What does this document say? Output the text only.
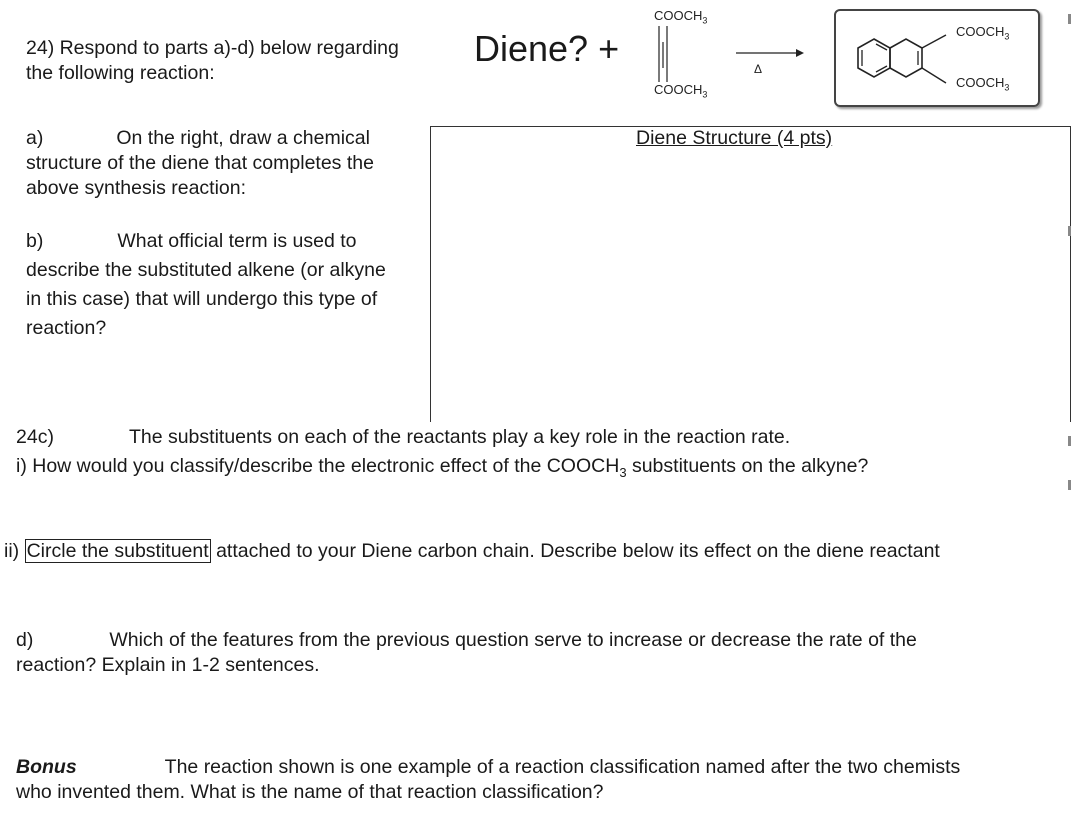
24) Respond to parts a)-d) below regarding the following reaction:
Diene? +
$COOCH_3$
$COOCH_3$
Δ
$COOCH_3$
$COOCH_3$
Diene Structure (4 pts)
a)	On the right, draw a chemical structure of the diene that completes the above synthesis reaction:
b)	What official term is used to describe the substituted alkene (or alkyne in this case) that will undergo this type of reaction?
24c)	The substituents on each of the reactants play a key role in the reaction rate.
i) How would you classify/describe the electronic effect of the $COOCH_3$ substituents on the alkyne?
ii) Circle the substituent attached to your Diene carbon chain. Describe below its effect on the diene reactant
d)	Which of the features from the previous question serve to increase or decrease the rate of the
reaction? Explain in 1-2 sentences.
Bonus	The reaction shown is one example of a reaction classification named after the two chemists
who invented them. What is the name of that reaction classification?
